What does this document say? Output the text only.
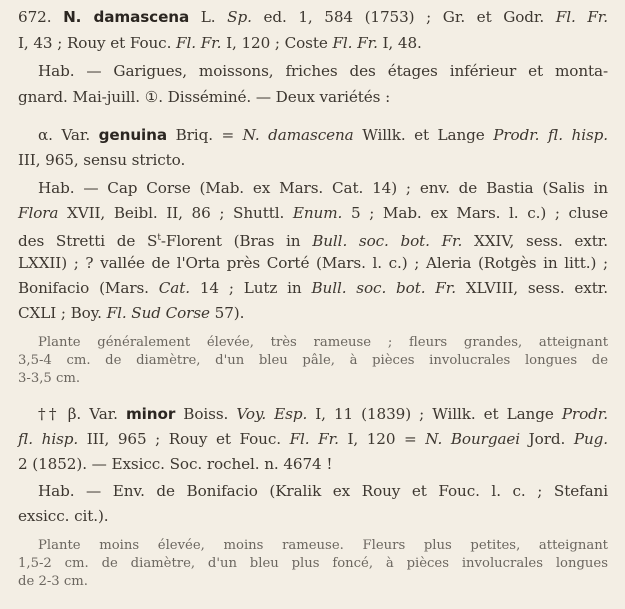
672. N. damascena L. Sp. ed. 1, 584 (1753) ; Gr. et Godr. Fl. Fr.
I, 43 ; Rouy et Fouc. Fl. Fr. I, 120 ; Coste Fl. Fr. I, 48.
Hab. — Garigues, moissons, friches des étages inférieur et monta-
gnard. Mai-juill. ①. Disséminé. — Deux variétés :
α. Var. genuina Briq. = N. damascena Willk. et Lange Prodr. fl. hisp.
III, 965, sensu stricto.
Hab. — Cap Corse (Mab. ex Mars. Cat. 14) ; env. de Bastia (Salis in
Flora XVII, Beibl. II, 86 ; Shuttl. Enum. 5 ; Mab. ex Mars. l. c.) ; cluse
des Stretti de $S^t$-Florent (Bras in Bull. soc. bot. Fr. XXIV, sess. extr.
LXXII) ; ? vallée de l'Orta près Corté (Mars. l. c.) ; Aleria (Rotgès in litt.) ;
Bonifacio (Mars. Cat. 14 ; Lutz in Bull. soc. bot. Fr. XLVIII, sess. extr.
CXLI ; Boy. Fl. Sud Corse 57).
Plante généralement élevée, très rameuse ; fleurs grandes, atteignant
3,5-4 cm. de diamètre, d'un bleu pâle, à pièces involucrales longues de
3-3,5 cm.
†† β. Var. minor Boiss. Voy. Esp. I, 11 (1839) ; Willk. et Lange Prodr.
fl. hisp. III, 965 ; Rouy et Fouc. Fl. Fr. I, 120 = N. Bourgaei Jord. Pug.
2 (1852). — Exsicc. Soc. rochel. n. 4674 !
Hab. — Env. de Bonifacio (Kralik ex Rouy et Fouc. l. c. ; Stefani
exsicc. cit.).
Plante moins élevée, moins rameuse. Fleurs plus petites, atteignant
1,5-2 cm. de diamètre, d'un bleu plus foncé, à pièces involucrales longues
de 2-3 cm.
